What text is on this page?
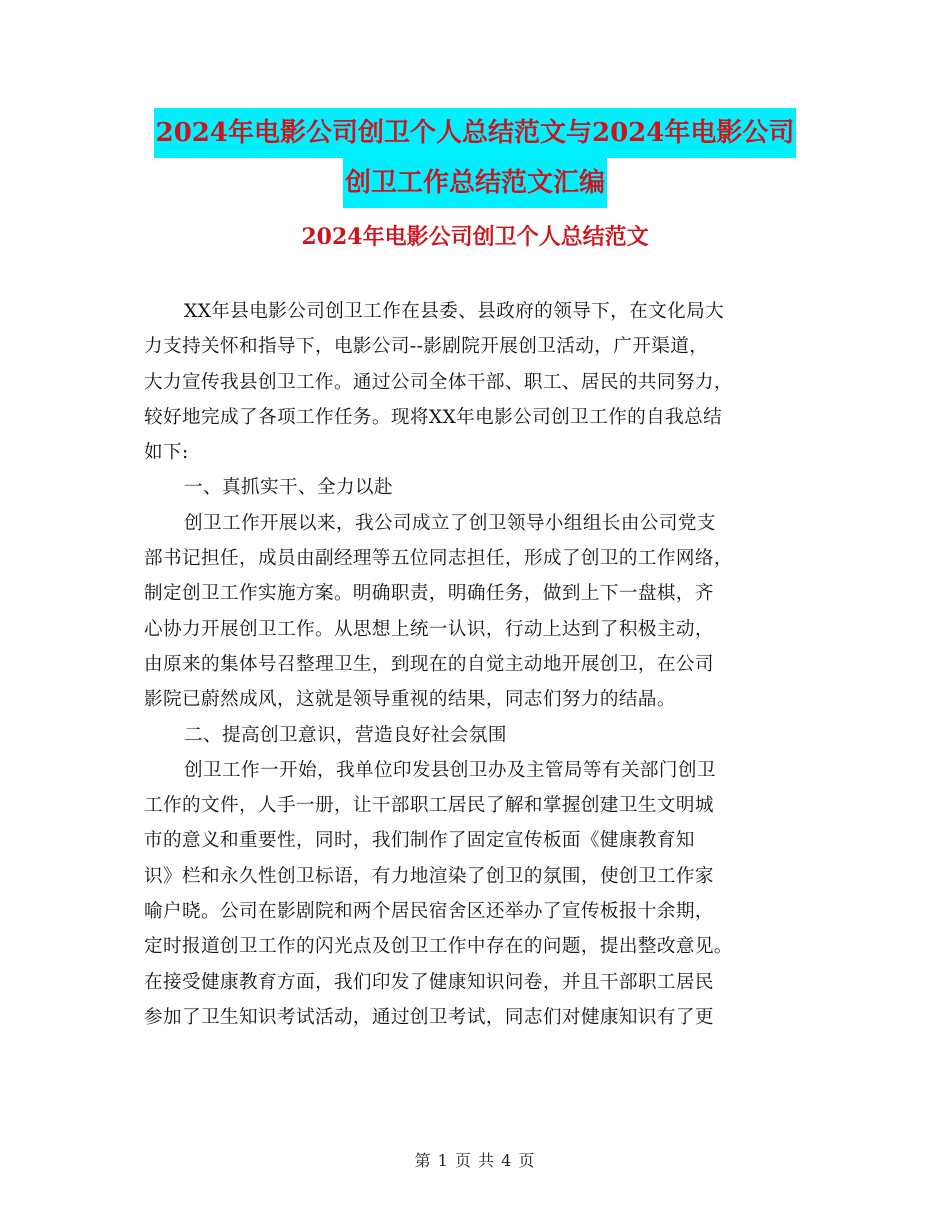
2024年电影公司创卫个人总结范文与2024年电影公司
创卫工作总结范文汇编
2024年电影公司创卫个人总结范文
XX年县电影公司创卫工作在县委、县政府的领导下，在文化局大
力支持关怀和指导下，电影公司--影剧院开展创卫活动，广开渠道，
大力宣传我县创卫工作。通过公司全体干部、职工、居民的共同努力，
较好地完成了各项工作任务。现将XX年电影公司创卫工作的自我总结
如下:
一、真抓实干、全力以赴
创卫工作开展以来，我公司成立了创卫领导小组组长由公司党支
部书记担任，成员由副经理等五位同志担任，形成了创卫的工作网络，
制定创卫工作实施方案。明确职责，明确任务，做到上下一盘棋，齐
心协力开展创卫工作。从思想上统一认识，行动上达到了积极主动，
由原来的集体号召整理卫生，到现在的自觉主动地开展创卫，在公司
影院已蔚然成风，这就是领导重视的结果，同志们努力的结晶。
二、提高创卫意识，营造良好社会氛围
创卫工作一开始，我单位印发县创卫办及主管局等有关部门创卫
工作的文件，人手一册，让干部职工居民了解和掌握创建卫生文明城
市的意义和重要性，同时，我们制作了固定宣传板面《健康教育知
识》栏和永久性创卫标语，有力地渲染了创卫的氛围，使创卫工作家
喻户晓。公司在影剧院和两个居民宿舍区还举办了宣传板报十余期，
定时报道创卫工作的闪光点及创卫工作中存在的问题，提出整改意见。
在接受健康教育方面，我们印发了健康知识问卷，并且干部职工居民
参加了卫生知识考试活动，通过创卫考试，同志们对健康知识有了更
第 1 页 共 4 页
